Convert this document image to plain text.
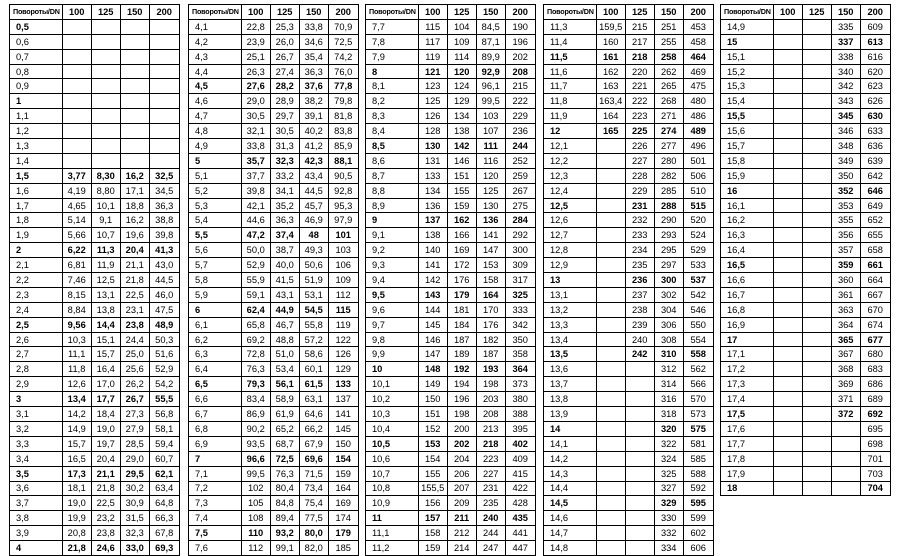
Повороты/DN	100	125	150	200
0,5				
0,6				
0,7				
0,8				
0,9				
1				
1,1				
1,2				
1,3				
1,4				
1,5	3,77	8,30	16,2	32,5
1,6	4,19	8,80	17,1	34,5
1,7	4,65	10,1	18,8	36,3
1,8	5,14	9,1	16,2	38,8
1,9	5,66	10,7	19,6	39,8
2	6,22	11,3	20,4	41,3
2,1	6,81	11,9	21,1	43,0
2,2	7,46	12,5	21,8	44,5
2,3	8,15	13,1	22,5	46,0
2,4	8,84	13,8	23,1	47,5
2,5	9,56	14,4	23,8	48,9
2,6	10,3	15,1	24,4	50,3
2,7	11,1	15,7	25,0	51,6
2,8	11,8	16,4	25,6	52,9
2,9	12,6	17,0	26,2	54,2
3	13,4	17,7	26,7	55,5
3,1	14,2	18,4	27,3	56,8
3,2	14,9	19,0	27,9	58,1
3,3	15,7	19,7	28,5	59,4
3,4	16,5	20,4	29,0	60,7
3,5	17,3	21,1	29,5	62,1
3,6	18,1	21,8	30,2	63,4
3,7	19,0	22,5	30,9	64,8
3,8	19,9	23,2	31,5	66,3
3,9	20,8	23,8	32,3	67,8
4	21,8	24,6	33,0	69,3
Повороты/DN	100	125	150	200
4,1	22,8	25,3	33,8	70,9
4,2	23,9	26,0	34,6	72,5
4,3	25,1	26,7	35,4	74,2
4,4	26,3	27,4	36,3	76,0
4,5	27,6	28,2	37,6	77,8
4,6	29,0	28,9	38,2	79,8
4,7	30,5	29,7	39,1	81,8
4,8	32,1	30,5	40,2	83,8
4,9	33,8	31,3	41,2	85,9
5	35,7	32,3	42,3	88,1
5,1	37,7	33,2	43,4	90,5
5,2	39,8	34,1	44,5	92,8
5,3	42,1	35,2	45,7	95,3
5,4	44,6	36,3	46,9	97,9
5,5	47,2	37,4	48	101
5,6	50,0	38,7	49,3	103
5,7	52,9	40,0	50,6	106
5,8	55,9	41,5	51,9	109
5,9	59,1	43,1	53,1	112
6	62,4	44,9	54,5	115
6,1	65,8	46,7	55,8	119
6,2	69,2	48,8	57,2	122
6,3	72,8	51,0	58,6	126
6,4	76,3	53,4	60,1	129
6,5	79,3	56,1	61,5	133
6,6	83,4	58,9	63,1	137
6,7	86,9	61,9	64,6	141
6,8	90,2	65,2	66,2	145
6,9	93,5	68,7	67,9	150
7	96,6	72,5	69,6	154
7,1	99,5	76,3	71,5	159
7,2	102	80,4	73,4	164
7,3	105	84,8	75,4	169
7,4	108	89,4	77,5	174
7,5	110	93,2	80,0	179
7,6	112	99,1	82,0	185
Повороты/DN	100	125	150	200
7,7	115	104	84,5	190
7,8	117	109	87,1	196
7,9	119	114	89,9	202
8	121	120	92,9	208
8,1	123	124	96,1	215
8,2	125	129	99,5	222
8,3	126	134	103	229
8,4	128	138	107	236
8,5	130	142	111	244
8,6	131	146	116	252
8,7	133	151	120	259
8,8	134	155	125	267
8,9	136	159	130	275
9	137	162	136	284
9,1	138	166	141	292
9,2	140	169	147	300
9,3	141	172	153	309
9,4	142	176	158	317
9,5	143	179	164	325
9,6	144	181	170	333
9,7	145	184	176	342
9,8	146	187	182	350
9,9	147	189	187	358
10	148	192	193	364
10,1	149	194	198	373
10,2	150	196	203	380
10,3	151	198	208	388
10,4	152	200	213	395
10,5	153	202	218	402
10,6	154	204	223	409
10,7	155	206	227	415
10,8	155,5	207	231	422
10,9	156	209	235	428
11	157	211	240	435
11,1	158	212	244	441
11,2	159	214	247	447
Повороты/DN	100	125	150	200
11,3	159,5	215	251	453
11,4	160	217	255	458
11,5	161	218	258	464
11,6	162	220	262	469
11,7	163	221	265	475
11,8	163,4	222	268	480
11,9	164	223	271	486
12	165	225	274	489
12,1		226	277	496
12,2		227	280	501
12,3		228	282	506
12,4		229	285	510
12,5		231	288	515
12,6		232	290	520
12,7		233	293	524
12,8		234	295	529
12,9		235	297	533
13		236	300	537
13,1		237	302	542
13,2		238	304	546
13,3		239	306	550
13,4		240	308	554
13,5		242	310	558
13,6			312	562
13,7			314	566
13,8			316	570
13,9			318	573
14			320	575
14,1			322	581
14,2			324	585
14,3			325	588
14,4			327	592
14,5			329	595
14,6			330	599
14,7			332	602
14,8			334	606
Повороты/DN	100	125	150	200
14,9			335	609
15			337	613
15,1			338	616
15,2			340	620
15,3			342	623
15,4			343	626
15,5			345	630
15,6			346	633
15,7			348	636
15,8			349	639
15,9			350	642
16			352	646
16,1			353	649
16,2			355	652
16,3			356	655
16,4			357	658
16,5			359	661
16,6			360	664
16,7			361	667
16,8			363	670
16,9			364	674
17			365	677
17,1			367	680
17,2			368	683
17,3			369	686
17,4			371	689
17,5			372	692
17,6				695
17,7				698
17,8				701
17,9				703
18				704
